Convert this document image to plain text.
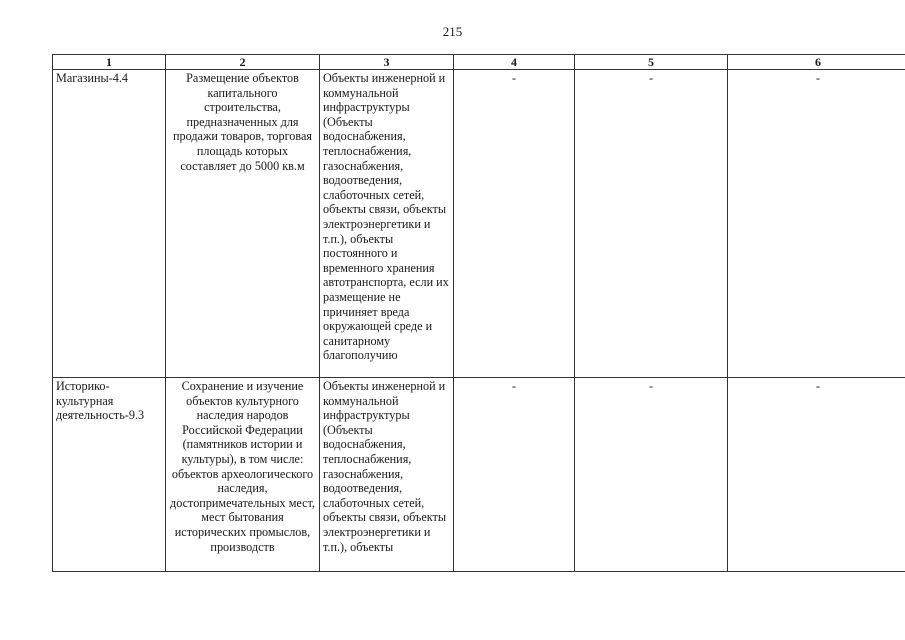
215
1	2	3	4	5	6
Магазины-4.4	Размещение объектов капитального строительства, предназначенных для продажи товаров, торговая площадь которых составляет до 5000 кв.м	Объекты инженерной и коммунальной инфраструктуры (Объекты водоснабжения, теплоснабжения, газоснабжения, водоотведения, слаботочных сетей, объекты связи, объекты электроэнергетики и т.п.), объекты постоянного и временного хранения автотранспорта, если их размещение не причиняет вреда окружающей среде и санитарному благополучию	-	-	-

Историко-культурная деятельность-9.3	Сохранение и изучение объектов культурного наследия народов Российской Федерации (памятников истории и культуры), в том числе: объектов археологического наследия, достопримечательных мест, мест бытования исторических промыслов, производств	Объекты инженерной и коммунальной инфраструктуры (Объекты водоснабжения, теплоснабжения, газоснабжения, водоотведения, слаботочных сетей, объекты связи, объекты электроэнергетики и т.п.), объекты	-	-	-
